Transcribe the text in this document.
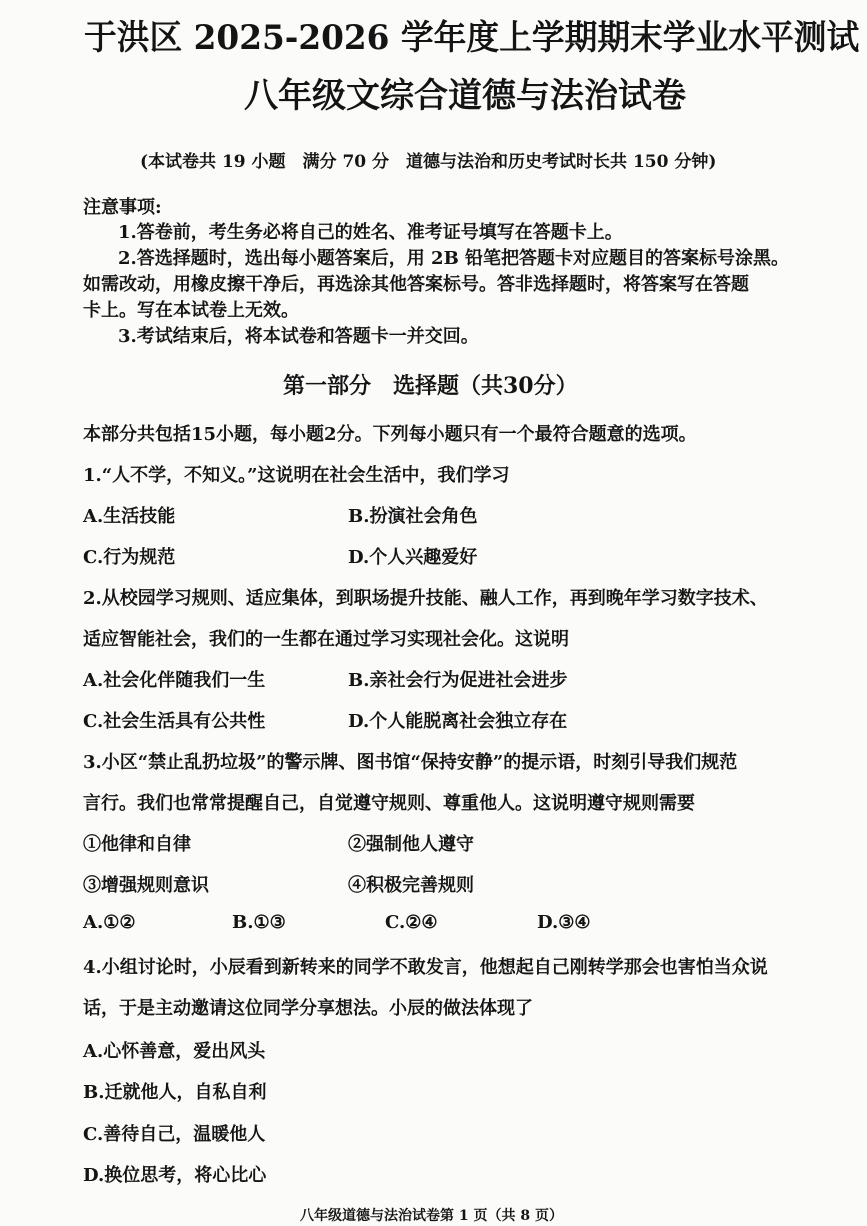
于洪区 2025-2026 学年度上学期期末学业水平测试
八年级文综合道德与法治试卷
(本试卷共 19 小题　满分 70 分　道德与法治和历史考试时长共 150 分钟)
注意事项:
1.答卷前，考生务必将自己的姓名、准考证号填写在答题卡上。
2.答选择题时，选出每小题答案后，用 2B 铅笔把答题卡对应题目的答案标号涂黑。
如需改动，用橡皮擦干净后，再选涂其他答案标号。答非选择题时，将答案写在答题
卡上。写在本试卷上无效。
3.考试结束后，将本试卷和答题卡一并交回。
第一部分　选择题（共30分）
本部分共包括15小题，每小题2分。下列每小题只有一个最符合题意的选项。
1.“人不学，不知义。”这说明在社会生活中，我们学习
A.生活技能	B.扮演社会角色
C.行为规范	D.个人兴趣爱好
2.从校园学习规则、适应集体，到职场提升技能、融人工作，再到晚年学习数字技术、
适应智能社会，我们的一生都在通过学习实现社会化。这说明
A.社会化伴随我们一生	B.亲社会行为促进社会进步
C.社会生活具有公共性	D.个人能脱离社会独立存在
3.小区“禁止乱扔垃圾”的警示牌、图书馆“保持安静”的提示语，时刻引导我们规范
言行。我们也常常提醒自己，自觉遵守规则、尊重他人。这说明遵守规则需要
①他律和自律	②强制他人遵守
③增强规则意识	④积极完善规则
A.①②	B.①③	C.②④	D.③④
4.小组讨论时，小辰看到新转来的同学不敢发言，他想起自己刚转学那会也害怕当众说
话，于是主动邀请这位同学分享想法。小辰的做法体现了
A.心怀善意，爱出风头
B.迁就他人，自私自利
C.善待自己，温暖他人
D.换位思考，将心比心
八年级道德与法治试卷第 1 页（共 8 页）
